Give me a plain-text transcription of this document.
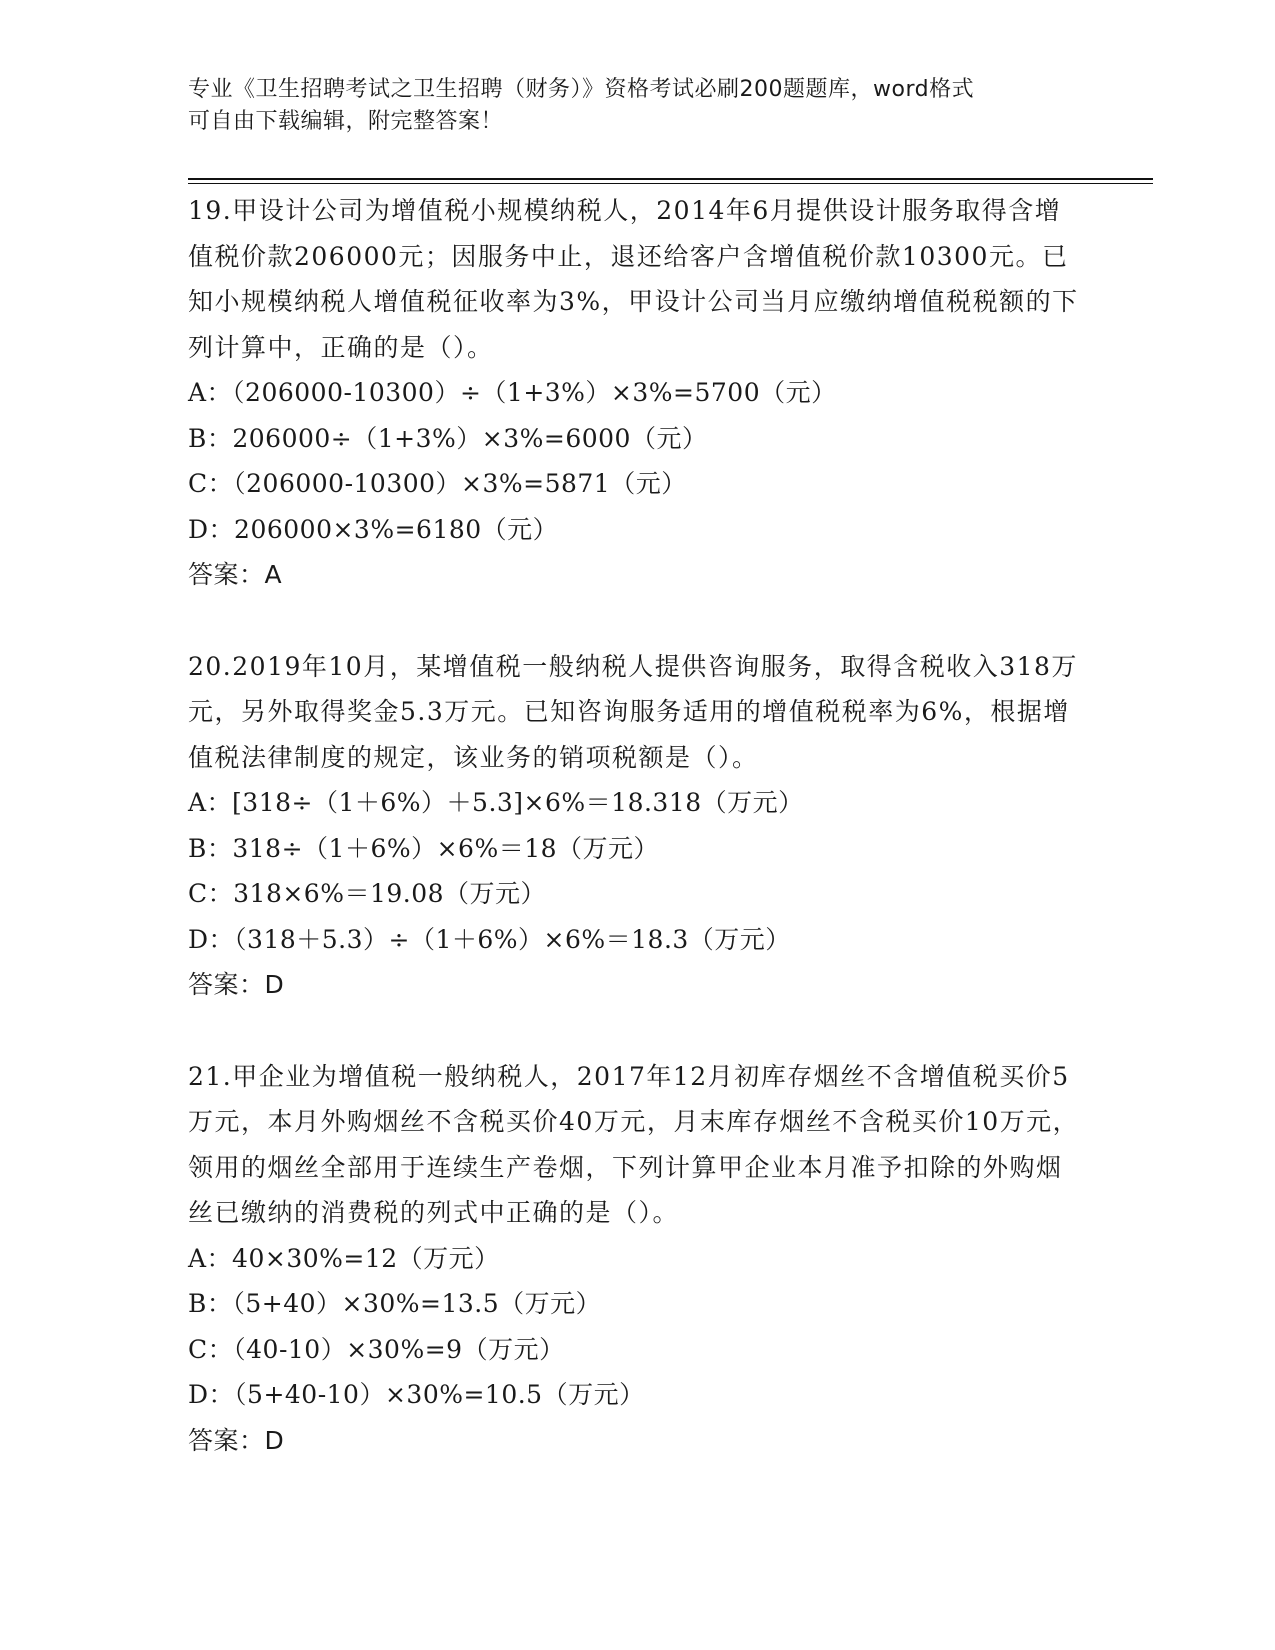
专业《卫生招聘考试之卫生招聘（财务）》资格考试必刷200题题库，word格式
可自由下载编辑，附完整答案！
19.甲设计公司为增值税小规模纳税人，2014年6月提供设计服务取得含增值税价款206000元；因服务中止，退还给客户含增值税价款10300元。已知小规模纳税人增值税征收率为3%，甲设计公司当月应缴纳增值税税额的下列计算中，正确的是（）。
A：（206000-10300）÷（1+3%）×3%=5700（元）
B：206000÷（1+3%）×3%=6000（元）
C：（206000-10300）×3%=5871（元）
D：206000×3%=6180（元）
答案：A
20.2019年10月，某增值税一般纳税人提供咨询服务，取得含税收入318万元，另外取得奖金5.3万元。已知咨询服务适用的增值税税率为6%，根据增值税法律制度的规定，该业务的销项税额是（）。
A：[318÷（1＋6%）＋5.3]×6%＝18.318（万元）
B：318÷（1＋6%）×6%＝18（万元）
C：318×6%＝19.08（万元）
D：（318＋5.3）÷（1＋6%）×6%＝18.3（万元）
答案：D
21.甲企业为增值税一般纳税人，2017年12月初库存烟丝不含增值税买价5万元，本月外购烟丝不含税买价40万元，月末库存烟丝不含税买价10万元，领用的烟丝全部用于连续生产卷烟，下列计算甲企业本月准予扣除的外购烟丝已缴纳的消费税的列式中正确的是（）。
A：40×30%=12（万元）
B：（5+40）×30%=13.5（万元）
C：（40-10）×30%=9（万元）
D：（5+40-10）×30%=10.5（万元）
答案：D
